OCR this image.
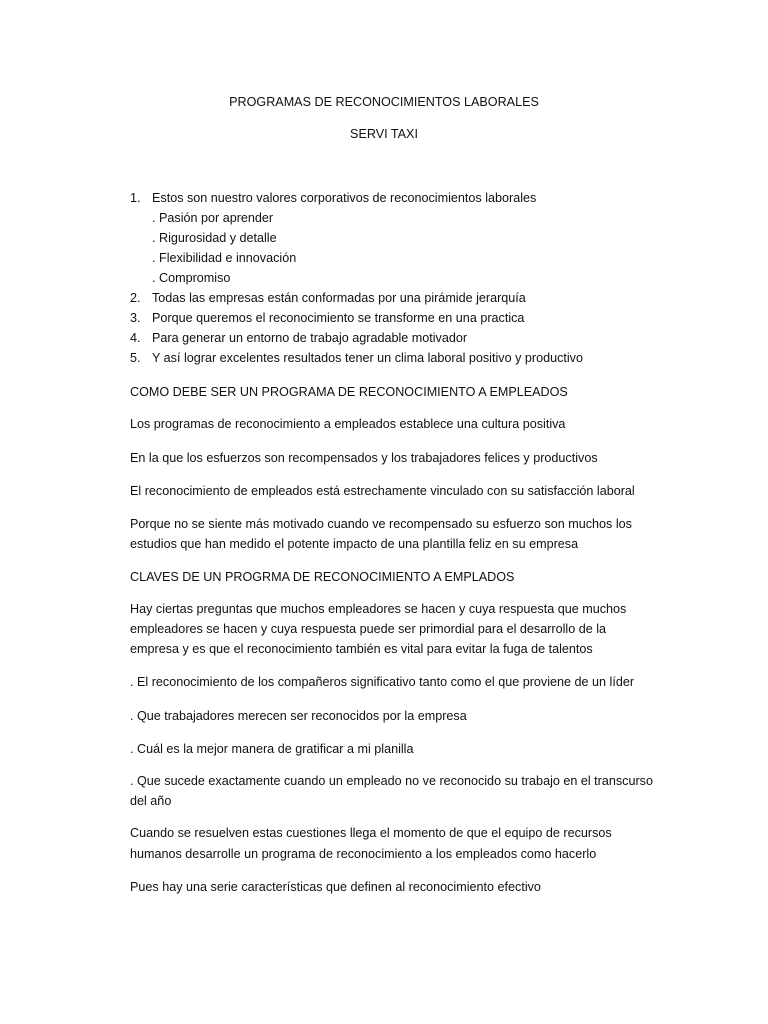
PROGRAMAS DE RECONOCIMIENTOS LABORALES
SERVI TAXI
1. Estos son nuestro valores corporativos de reconocimientos laborales
. Pasión por aprender
. Rigurosidad y detalle
. Flexibilidad e innovación
. Compromiso
2. Todas las empresas están conformadas por una pirámide jerarquía
3. Porque queremos el reconocimiento se transforme en una practica
4. Para generar un entorno de trabajo agradable motivador
5. Y así lograr excelentes resultados tener un clima laboral positivo y productivo
COMO DEBE SER UN PROGRAMA DE RECONOCIMIENTO A EMPLEADOS
Los programas de reconocimiento a empleados establece una cultura positiva
En la que los esfuerzos son recompensados y los trabajadores felices y productivos
El reconocimiento de empleados está estrechamente vinculado con su satisfacción laboral
Porque no se siente más motivado cuando ve recompensado su esfuerzo son muchos los
estudios que han medido el potente impacto de una plantilla feliz en su empresa
CLAVES DE UN PROGRMA DE RECONOCIMIENTO A EMPLADOS
Hay ciertas preguntas que muchos empleadores se hacen y cuya respuesta que muchos
empleadores se hacen y cuya respuesta puede ser primordial para el desarrollo de la
empresa y es que el reconocimiento también es vital para evitar la fuga de talentos
. El reconocimiento de los compañeros significativo tanto como el que proviene de un líder
. Que trabajadores merecen ser reconocidos por la empresa
. Cuál es la mejor manera de gratificar a mi planilla
. Que sucede exactamente cuando un empleado no ve reconocido su trabajo en el transcurso
del año
Cuando se resuelven estas cuestiones llega el momento de que el equipo de recursos
humanos desarrolle un programa de reconocimiento a los empleados como hacerlo
Pues hay una serie características que definen al reconocimiento efectivo
